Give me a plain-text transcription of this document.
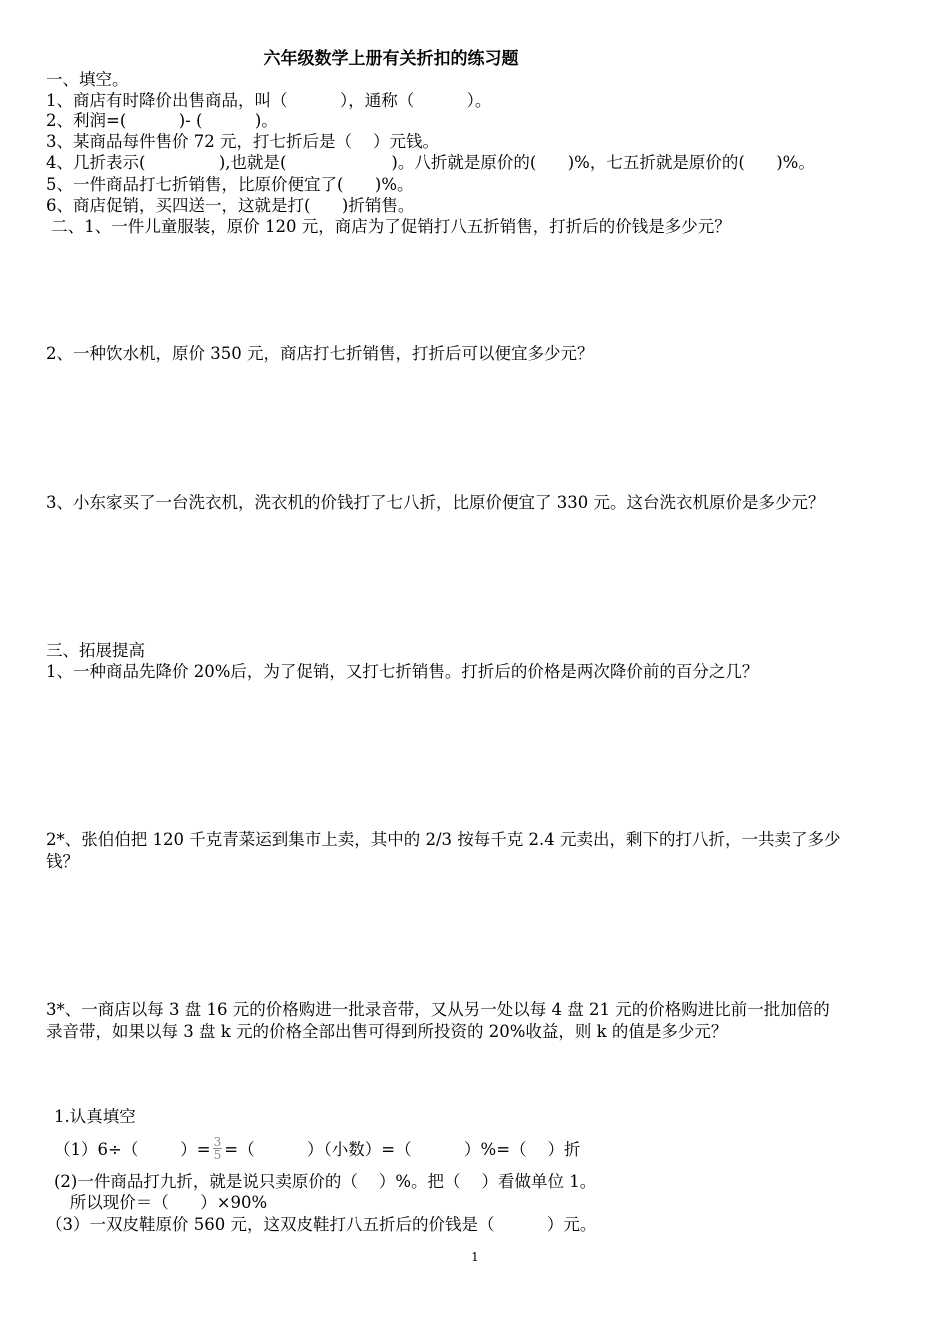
六年级数学上册有关折扣的练习题
一、填空。
1、商店有时降价出售商品，叫（          ），通称（          ）。
2、利润=(          )- (          )。
3、某商品每件售价 72 元，打七折后是（    ）元钱。
4、几折表示(              ),也就是(                    )。八折就是原价的(      )%，七五折就是原价的(      )%。
5、一件商品打七折销售，比原价便宜了(      )%。
6、商店促销，买四送一，这就是打(      )折销售。
二、1、一件儿童服装，原价 120 元，商店为了促销打八五折销售，打折后的价钱是多少元？
2、一种饮水机，原价 350 元，商店打七折销售，打折后可以便宜多少元？
3、小东家买了一台洗衣机，洗衣机的价钱打了七八折，比原价便宜了 330 元。这台洗衣机原价是多少元？
三、拓展提高
1、一种商品先降价 20%后，为了促销，又打七折销售。打折后的价格是两次降价前的百分之几？
2*、张伯伯把 120 千克青菜运到集市上卖，其中的 2/3 按每千克 2.4 元卖出，剩下的打八折，一共卖了多少
钱？
3*、一商店以每 3 盘 16 元的价格购进一批录音带，又从另一处以每 4 盘 21 元的价格购进比前一批加倍的
录音带，如果以每 3 盘 k 元的价格全部出售可得到所投资的 20%收益，则 k 的值是多少元？
1.认真填空
（1）6÷（        ）= $\frac{3}{5}$ =（          ）（小数）=（          ）%=（    ）折
(2)一件商品打九折，就是说只卖原价的（    ）%。把（    ）看做单位 1。
所以现价＝（      ）×90%
（3）一双皮鞋原价 560 元，这双皮鞋打八五折后的价钱是（          ）元。
1
